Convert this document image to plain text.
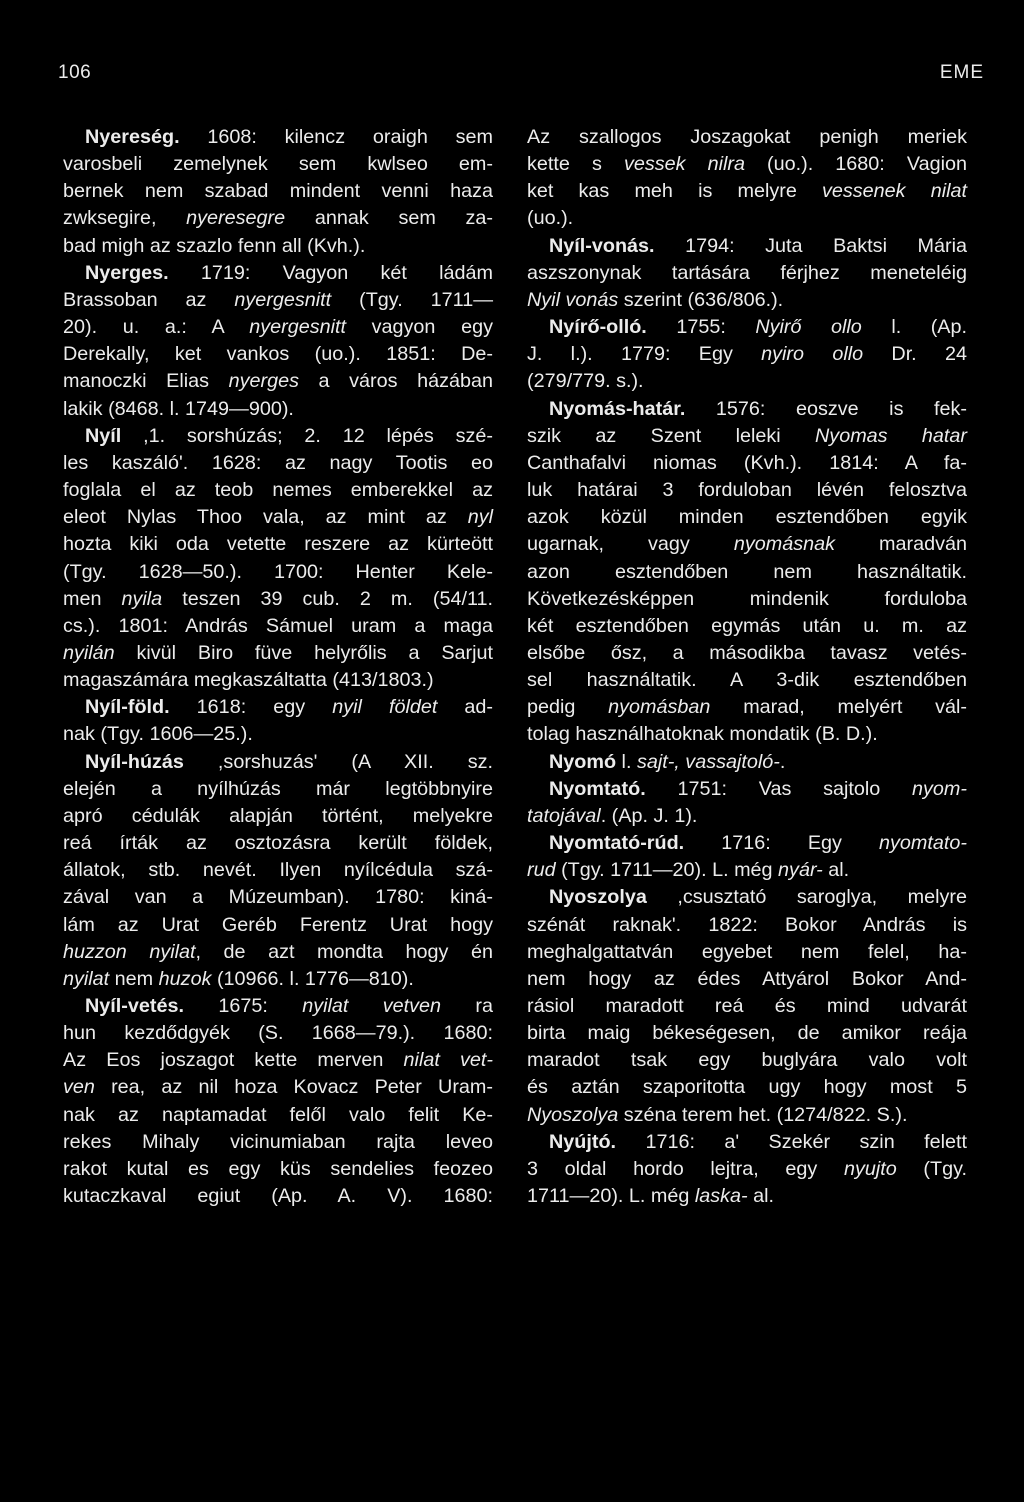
106	EME
Nyereség. 1608: kilencz oraigh sem
varosbeli zemelynek sem kwlseo em-
bernek nem szabad mindent venni haza
zwksegire, nyeresegre annak sem za-
bad migh az szazlo fenn all (Kvh.).
Nyerges. 1719: Vagyon két ládám
Brassoban az nyergesnitt (Tgy. 1711—
20). u. a.: A nyergesnitt vagyon egy
Derekally, ket vankos (uo.). 1851: De-
manoczki Elias nyerges a város házában
lakik (8468. l. 1749—900).
Nyíl ,1. sorshúzás; 2. 12 lépés szé-
les kaszáló'. 1628: az nagy Tootis eo
foglala el az teob nemes emberekkel az
eleot Nylas Thoo vala, az mint az nyl
hozta kiki oda vetette reszere az kürteött
(Tgy. 1628—50.). 1700: Henter Kele-
men nyila teszen 39 cub. 2 m. (54/11.
cs.). 1801: András Sámuel uram a maga
nyilán kivül Biro füve helyrőlis a Sarjut
magaszámára megkaszáltatta (413/1803.)
Nyíl-föld. 1618: egy nyil földet ad-
nak (Tgy. 1606—25.).
Nyíl-húzás ,sorshuzás' (A XII. sz.
elején a nyílhúzás már legtöbbnyire
apró cédulák alapján történt, melyekre
reá írták az osztozásra került földek,
állatok, stb. nevét. Ilyen nyílcédula szá-
zával van a Múzeumban). 1780: kiná-
lám az Urat Geréb Ferentz Urat hogy
huzzon nyilat, de azt mondta hogy én
nyilat nem huzok (10966. l. 1776—810).
Nyíl-vetés. 1675: nyilat vetven ra
hun kezdődgyék (S. 1668—79.). 1680:
Az Eos joszagot kette merven nilat vet-
ven rea, az nil hoza Kovacz Peter Uram-
nak az naptamadat felől valo felit Ke-
rekes Mihaly vicinumiaban rajta leveo
rakot kutal es egy küs sendelies feozeo
kutaczkaval egiut (Ap. A. V). 1680:
Az szallogos Joszagokat penigh meriek
kette s vessek nilra (uo.). 1680: Vagion
ket kas meh is melyre vessenek nilat
(uo.).
Nyíl-vonás. 1794: Juta Baktsi Mária
aszszonynak tartására férjhez meneteléig
Nyil vonás szerint (636/806.).
Nyírő-olló. 1755: Nyirő ollo l. (Ap.
J. l.). 1779: Egy nyiro ollo Dr. 24
(279/779. s.).
Nyomás-határ. 1576: eoszve is fek-
szik az Szent leleki Nyomas hatar
Canthafalvi niomas (Kvh.). 1814: A fa-
luk határai 3 forduloban lévén felosztva
azok közül minden esztendőben egyik
ugarnak, vagy nyomásnak maradván
azon esztendőben nem használtatik.
Következésképpen mindenik forduloba
két esztendőben egymás után u. m. az
elsőbe ősz, a másodikba tavasz vetés-
sel használtatik. A 3-dik esztendőben
pedig nyomásban marad, melyért vál-
tolag használhatoknak mondatik (B. D.).
Nyomó l. sajt-, vassajtoló-.
Nyomtató. 1751: Vas sajtolo nyom-
tatojával. (Ap. J. 1).
Nyomtató-rúd. 1716: Egy nyomtato-
rud (Tgy. 1711—20). L. még nyár- al.
Nyoszolya ,csusztató saroglya, melyre
szénát raknak'. 1822: Bokor András is
meghalgattatván egyebet nem felel, ha-
nem hogy az édes Attyárol Bokor And-
rásiol maradott reá és mind udvarát
birta maig békeségesen, de amikor reája
maradot tsak egy buglyára valo volt
és aztán szaporitotta ugy hogy most 5
Nyoszolya széna terem het. (1274/822. S.).
Nyújtó. 1716: a' Szekér szin felett
3 oldal hordo lejtra, egy nyujto (Tgy.
1711—20). L. még laska- al.
